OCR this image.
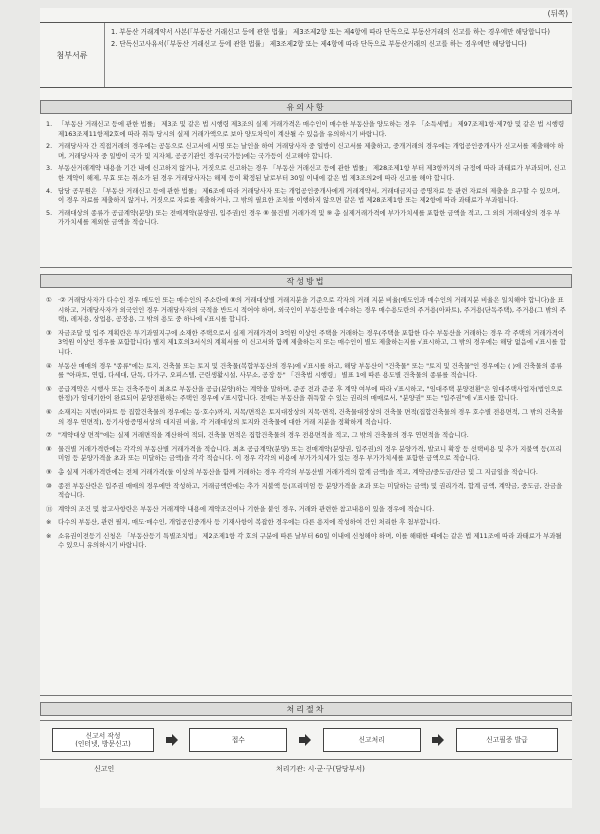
(뒤쪽)
첨부서류

1. 부동산 거래계약서 사본(「부동산 거래신고 등에 관한 법률」 제3조제2항 또는 제4항에 따라 단독으로 부동산거래의 신고를 하는 경우에만 해당합니다)

2. 단독신고사유서(「부동산 거래신고 등에 관한 법률」 제3조제2항 또는 제4항에 따라 단독으로 부동산거래의 신고를 하는 경우에만 해당합니다)

유의사항
1. 「부동산 거래신고 등에 관한 법률」 제3조 및 같은 법 시행령 제3조의 실제 거래가격은 매수인이 매수한 부동산을 양도하는 경우 「소득세법」 제97조제1항·제7항 및 같은 법 시행령 제163조제11항제2호에 따라 취득 당시의 실제 거래가액으로 보아 양도차익이 계산될 수 있음을 유의하시기 바랍니다.
2. 거래당사자 간 직접거래의 경우에는 공동으로 신고서에 서명 또는 날인을 하여 거래당사자 중 일방이 신고서를 제출하고, 중개거래의 경우에는 개업공인중개사가 신고서를 제출해야 하며, 거래당사자 중 일방이 국가 및 지자체, 공공기관인 경우(국가등)에는 국가등이 신고해야 합니다.
3. 부동산거래계약 내용을 기간 내에 신고하지 않거나, 거짓으로 신고하는 경우 「부동산 거래신고 등에 관한 법률」 제28조제1항 부터 제3항까지의 규정에 따라 과태료가 부과되며, 신고한 계약이 해제, 무효 또는 취소가 된 경우 거래당사자는 해제 등이 확정된 날로부터 30일 이내에 같은 법 제3조의2에 따라 신고를 해야 합니다.
4. 담당 공무원은 「부동산 거래신고 등에 관한 법률」 제6조에 따라 거래당사자 또는 개업공인중개사에게 거래계약서, 거래대금지급 증명자료 등 관련 자료의 제출을 요구할 수 있으며, 이 경우 자료를 제출하지 않거나, 거짓으로 자료를 제출하거나, 그 밖의 필요한 조치를 이행하지 않으면 같은 법 제28조제1항 또는 제2항에 따라 과태료가 부과됩니다.
5. 거래대상의 종류가 공급계약(분양) 또는 전매계약(분양권, 입주권)인 경우 ⑧ 물건별 거래가격 및 ⑨ 총 실제거래가격에 부가가치세를 포함한 금액을 적고, 그 외의 거래대상의 경우 부가가치세를 제외한 금액을 적습니다.
작성방법
① ·② 거래당사자가 다수인 경우 매도인 또는 매수인의 주소란에 ⑧의 거래대상별 거래지분을 기준으로 각자의 거래 지분 비율(매도인과 매수인의 거래지분 비율은 일치해야 합니다)을 표시하고, 거래당사자가 외국인인 경우 거래당사자의 국적을 반드시 적어야 하며, 외국인이 부동산등을 매수하는 경우 매수용도란의 주거용(아파트), 주거용(단독주택), 주거용(그 밖의 주택), 레저용, 상업용, 공장용, 그 밖의 용도 중 하나에 √표시를 합니다.
③ 자금조달 및 입주 계획란은 투기과열지구에 소재한 주택으로서 실제 거래가격이 3억원 이상인 주택을 거래하는 경우(주택을 포함한 다수 부동산을 거래하는 경우 각 주택의 거래가격이 3억원 이상인 경우를 포함합니다) 별지 제1호의3서식의 계획서를 이 신고서와 함께 제출하는지 또는 매수인이 별도 제출하는지를 √표시하고, 그 밖의 경우에는 해당 없음에 √표시를 합니다.
④ 부동산 매매의 경우 "종류"에는 토지, 건축물 또는 토지 및 건축물(복합부동산의 경우)에 √표시를 하고, 해당 부동산이 "건축물" 또는 "토지 및 건축물"인 경우에는 ( )에 건축물의 종류를 "아파트, 연립, 다세대, 단독, 다가구, 오피스텔, 근린생활시설, 사무소, 공장 등" 「건축법 시행령」 별표 1에 따른 용도별 건축물의 종류를 적습니다.
⑤ 공급계약은 시행사 또는 건축주등이 최초로 부동산을 공급(분양)하는 계약을 말하며, 준공 전과 준공 후 계약 여부에 따라 √표시하고, "임대주택 분양전환"은 임대주택사업자(법인으로 한정)가 임대기한이 완료되어 분양전환하는 주택인 경우에 √표시합니다. 전매는 부동산을 취득할 수 있는 권리의 매매로서, "분양권" 또는 "입주권"에 √표시를 합니다.
⑥ 소재지는 지번(아파트 등 집합건축물의 경우에는 동·호수)까지, 지목/면적은 토지대장상의 지목·면적, 건축물대장상의 건축물 면적(집합건축물의 경우 호수별 전용면적, 그 밖의 건축물의 경우 연면적), 등기사항증명서상의 대지권 비율, 각 거래대상의 토지와 건축물에 대한 거래 지분을 정확하게 적습니다.
⑦ "계약대상 면적"에는 실제 거래면적을 계산하여 적되, 건축물 면적은 집합건축물의 경우 전용면적을 적고, 그 밖의 건축물의 경우 연면적을 적습니다.
⑧ 물건별 거래가격란에는 각각의 부동산별 거래가격을 적습니다. 최초 공급계약(분양) 또는 전매계약(분양권, 입주권)의 경우 분양가격, 발코니 확장 등 선택비용 및 추가 지불액 등(프리미엄 등 분양가격을 초과 또는 미달하는 금액)을 각각 적습니다. 이 경우 각각의 비용에 부가가치세가 있는 경우 부가가치세를 포함한 금액으로 적습니다.
⑨ 총 실제 거래가격란에는 전체 거래가격(둘 이상의 부동산을 함께 거래하는 경우 각각의 부동산별 거래가격의 합계 금액)을 적고, 계약금/중도금/잔금 및 그 지급일을 적습니다.
⑩ 종전 부동산란은 입주권 매매의 경우에만 작성하고, 거래금액란에는 추가 지불액 등(프리미엄 등 분양가격을 초과 또는 미달하는 금액) 및 권리가격, 합계 금액, 계약금, 중도금, 잔금을 적습니다.
⑪ 계약의 조건 및 참고사항란은 부동산 거래계약 내용에 계약조건이나 기한을 붙인 경우, 거래와 관련한 참고내용이 있을 경우에 적습니다.
※	다수의 부동산, 관련 필지, 매도·매수인, 개업공인중개사 등 기재사항이 복잡한 경우에는 다른 용지에 작성하여 간인 처리한 후 첨부합니다.
※	소유권이전등기 신청은 「부동산등기 특별조치법」 제2조제1항 각 호의 구분에 따른 날부터 60일 이내에 신청해야 하며, 이를 해태한 때에는 같은 법 제11조에 따라 과태료가 부과될 수 있으니 유의하시기 바랍니다.
처리절차
신고서 작성
(인터넷, 방문신고)	접수	신고처리	신고필증 발급
신고인	처리기관: 시·군·구(담당부서)
